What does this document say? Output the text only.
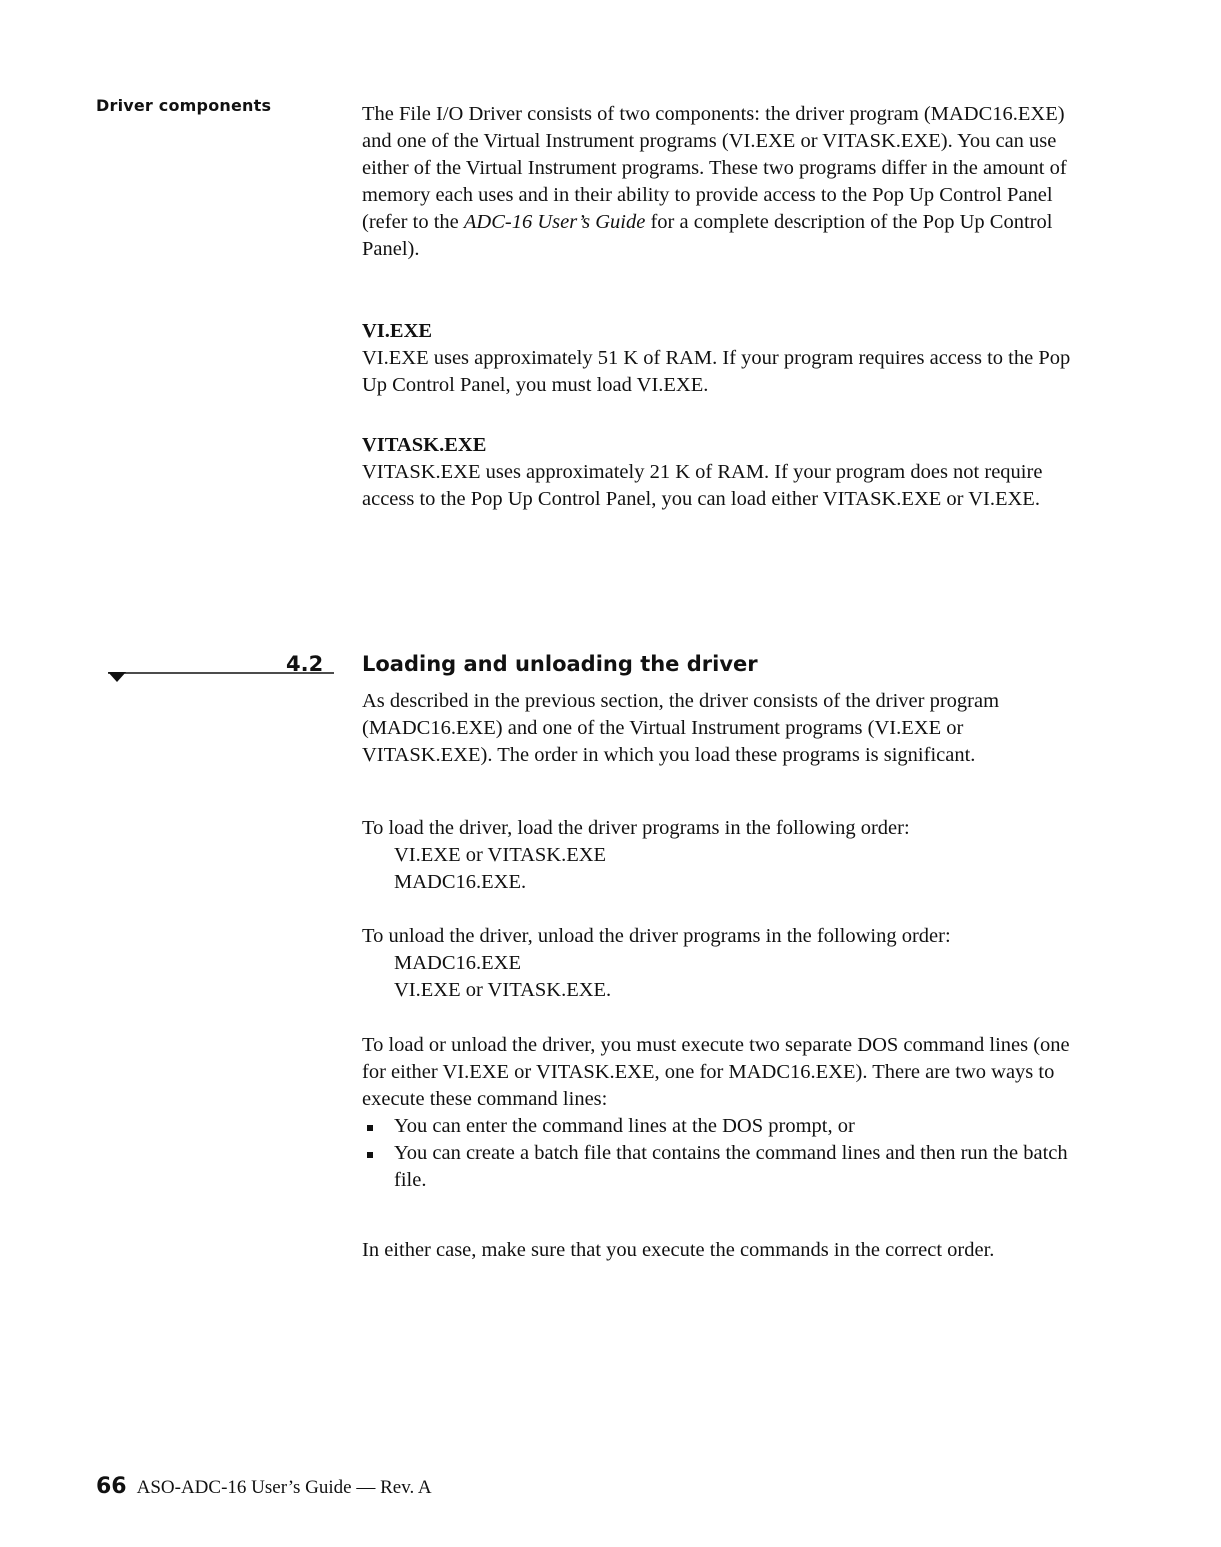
Driver components	The File I/O Driver consists of two components: the driver program (MADC16.EXE) and one of the Virtual Instrument programs (VI.EXE or VITASK.EXE). You can use either of the Virtual Instrument programs. These two programs differ in the amount of memory each uses and in their ability to provide access to the Pop Up Control Panel (refer to the ADC-16 User’s Guide for a complete description of the Pop Up Control Panel).

VI.EXE

VI.EXE uses approximately 51 K of RAM. If your program requires access to the Pop Up Control Panel, you must load VI.EXE.

VITASK.EXE

VITASK.EXE uses approximately 21 K of RAM. If your program does not require access to the Pop Up Control Panel, you can load either VITASK.EXE or VI.EXE.

4.2 Loading and unloading the driver

As described in the previous section, the driver consists of the driver program (MADC16.EXE) and one of the Virtual Instrument programs (VI.EXE or VITASK.EXE). The order in which you load these programs is significant.

To load the driver, load the driver programs in the following order:

VI.EXE or VITASK.EXE

MADC16.EXE.

To unload the driver, unload the driver programs in the following order:

MADC16.EXE

VI.EXE or VITASK.EXE.

To load or unload the driver, you must execute two separate DOS command lines (one for either VI.EXE or VITASK.EXE, one for MADC16.EXE). There are two ways to execute these command lines:

You can enter the command lines at the DOS prompt, or
You can create a batch file that contains the command lines and then run the batch file.

In either case, make sure that you execute the commands in the correct order.

66 ASO-ADC-16 User’s Guide — Rev. A
